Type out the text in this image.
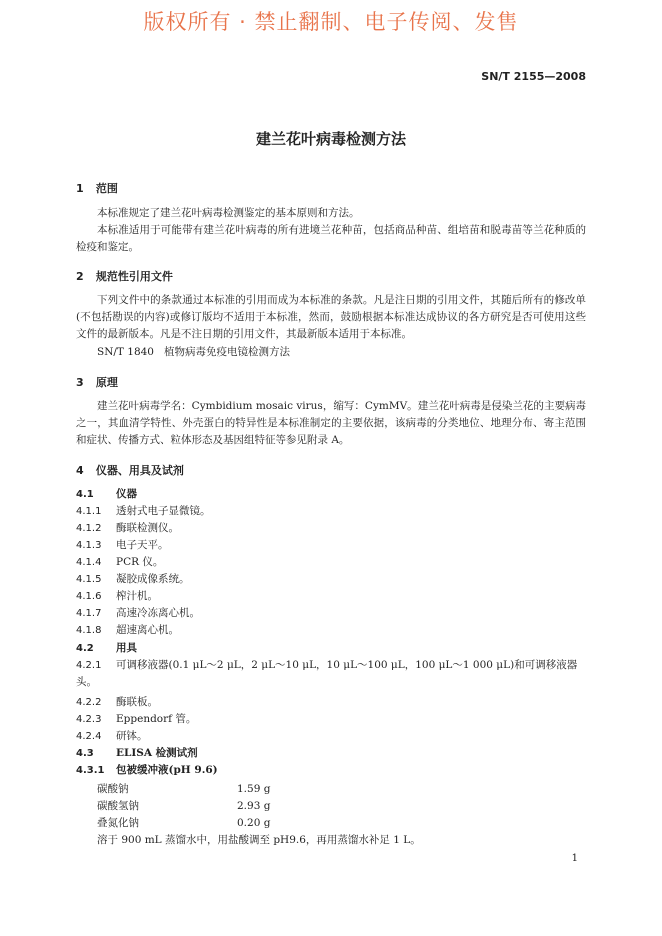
版权所有 · 禁止翻制、电子传阅、发售
SN/T 2155—2008
建兰花叶病毒检测方法
1 范围
本标准规定了建兰花叶病毒检测鉴定的基本原则和方法。
本标准适用于可能带有建兰花叶病毒的所有进境兰花种苗，包括商品种苗、组培苗和脱毒苗等兰花种质的检疫和鉴定。
2 规范性引用文件
下列文件中的条款通过本标准的引用而成为本标准的条款。凡是注日期的引用文件，其随后所有的修改单(不包括勘误的内容)或修订版均不适用于本标准，然而，鼓励根据本标准达成协议的各方研究是否可使用这些文件的最新版本。凡是不注日期的引用文件，其最新版本适用于本标准。
SN/T 1840 植物病毒免疫电镜检测方法
3 原理
建兰花叶病毒学名：Cymbidium mosaic virus，缩写：CymMV。建兰花叶病毒是侵染兰花的主要病毒之一，其血清学特性、外壳蛋白的特异性是本标准制定的主要依据，该病毒的分类地位、地理分布、寄主范围和症状、传播方式、粒体形态及基因组特征等参见附录 A。
4 仪器、用具及试剂
4.1 仪器
4.1.1 透射式电子显微镜。
4.1.2 酶联检测仪。
4.1.3 电子天平。
4.1.4 PCR 仪。
4.1.5 凝胶成像系统。
4.1.6 榨汁机。
4.1.7 高速冷冻离心机。
4.1.8 超速离心机。
4.2 用具
4.2.1 可调移液器(0.1 μL～2 μL，2 μL～10 μL，10 μL～100 μL，100 μL～1 000 μL)和可调移液器头。
4.2.2 酶联板。
4.2.3 Eppendorf 管。
4.2.4 研钵。
4.3 ELISA 检测试剂
4.3.1 包被缓冲液(pH 9.6)
碳酸钠	1.59 g
碳酸氢钠	2.93 g
叠氮化钠	0.20 g
溶于 900 mL 蒸馏水中，用盐酸调至 pH9.6，再用蒸馏水补足 1 L。
1
